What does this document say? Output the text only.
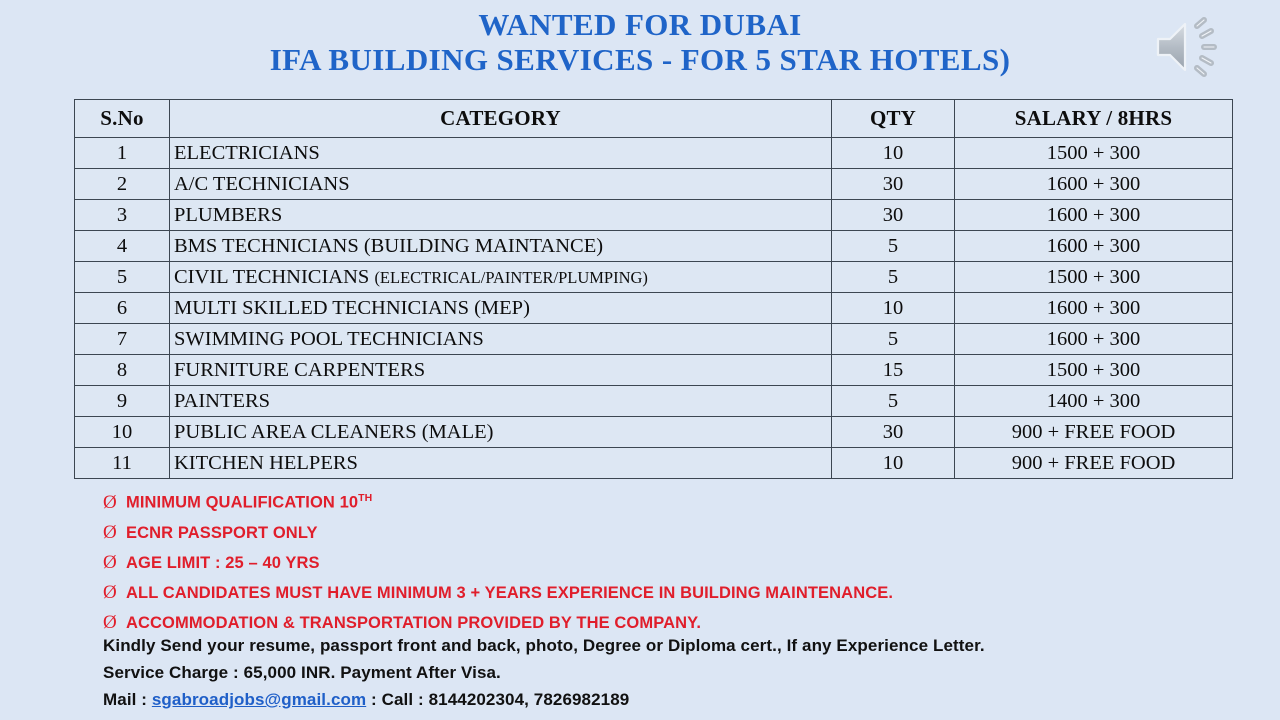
WANTED FOR DUBAI
IFA BUILDING SERVICES - FOR 5 STAR HOTELS)
S.No	CATEGORY	QTY	SALARY / 8HRS
1	ELECTRICIANS	10	1500 + 300
2	A/C TECHNICIANS	30	1600 + 300
3	PLUMBERS	30	1600 + 300
4	BMS TECHNICIANS (BUILDING MAINTANCE)	5	1600 + 300
5	CIVIL TECHNICIANS (ELECTRICAL/PAINTER/PLUMPING)	5	1500 + 300
6	MULTI SKILLED TECHNICIANS (MEP)	10	1600 + 300
7	SWIMMING POOL TECHNICIANS	5	1600 + 300
8	FURNITURE CARPENTERS	15	1500 + 300
9	PAINTERS	5	1400 + 300
10	PUBLIC AREA CLEANERS (MALE)	30	900 + FREE FOOD
11	KITCHEN HELPERS	10	900 + FREE FOOD
Ø MINIMUM QUALIFICATION 10TH
Ø ECNR PASSPORT ONLY
Ø AGE LIMIT : 25 – 40 YRS
Ø ALL CANDIDATES MUST HAVE MINIMUM 3 + YEARS EXPERIENCE IN BUILDING MAINTENANCE.
Ø ACCOMMODATION & TRANSPORTATION PROVIDED BY THE COMPANY.
Kindly Send your resume, passport front and back, photo, Degree or Diploma cert., If any Experience Letter.
Service Charge : 65,000 INR. Payment After Visa.
Mail : sgabroadjobs@gmail.com : Call : 8144202304, 7826982189
